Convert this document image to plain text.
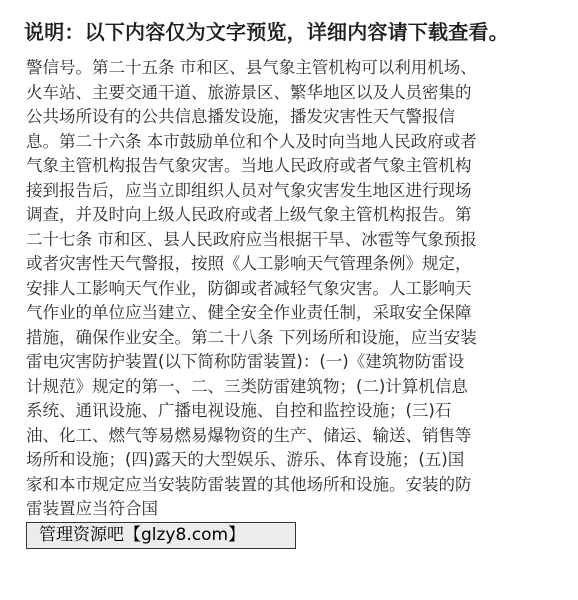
说明：以下内容仅为文字预览，详细内容请下载查看。
警信号。第二十五条 市和区、县气象主管机构可以利用机场、
火车站、主要交通干道、旅游景区、繁华地区以及人员密集的
公共场所设有的公共信息播发设施，播发灾害性天气警报信
息。第二十六条 本市鼓励单位和个人及时向当地人民政府或者
气象主管机构报告气象灾害。当地人民政府或者气象主管机构
接到报告后，应当立即组织人员对气象灾害发生地区进行现场
调查，并及时向上级人民政府或者上级气象主管机构报告。第
二十七条 市和区、县人民政府应当根据干旱、冰雹等气象预报
或者灾害性天气警报，按照《人工影响天气管理条例》规定，
安排人工影响天气作业，防御或者减轻气象灾害。人工影响天
气作业的单位应当建立、健全安全作业责任制，采取安全保障
措施，确保作业安全。第二十八条 下列场所和设施，应当安装
雷电灾害防护装置(以下简称防雷装置)：(一)《建筑物防雷设
计规范》规定的第一、二、三类防雷建筑物；(二)计算机信息
系统、通讯设施、广播电视设施、自控和监控设施；(三)石
油、化工、燃气等易燃易爆物资的生产、储运、输送、销售等
场所和设施；(四)露天的大型娱乐、游乐、体育设施；(五)国
家和本市规定应当安装防雷装置的其他场所和设施。安装的防
雷装置应当符合国
管理资源吧【glzy8.com】
